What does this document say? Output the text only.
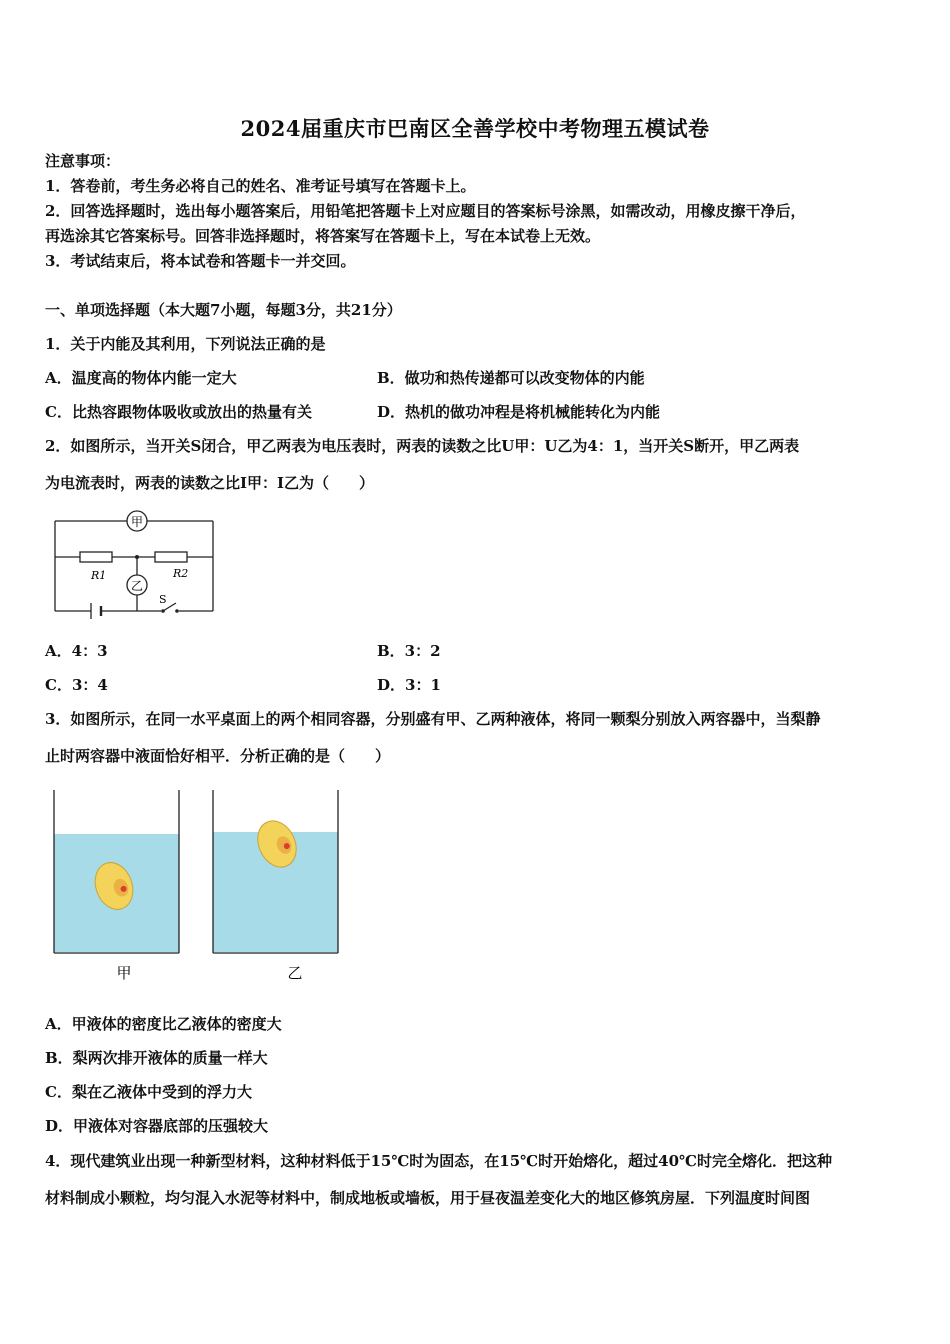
2024届重庆市巴南区全善学校中考物理五模试卷
注意事项：
1．答卷前，考生务必将自己的姓名、准考证号填写在答题卡上。
2．回答选择题时，选出每小题答案后，用铅笔把答题卡上对应题目的答案标号涂黑，如需改动，用橡皮擦干净后，
再选涂其它答案标号。回答非选择题时，将答案写在答题卡上，写在本试卷上无效。
3．考试结束后，将本试卷和答题卡一并交回。
一、单项选择题（本大题7小题，每题3分，共21分）
1．关于内能及其利用，下列说法正确的是
A．温度高的物体内能一定大	B．做功和热传递都可以改变物体的内能
C．比热容跟物体吸收或放出的热量有关	D．热机的做功冲程是将机械能转化为内能
2．如图所示，当开关S闭合，甲乙两表为电压表时，两表的读数之比U甲：U乙为4：1，当开关S断开，甲乙两表
为电流表时，两表的读数之比I甲：I乙为（　　）
甲
R1	R2
乙
S
A．4：3	B．3：2
C．3：4	D．3：1
3．如图所示，在同一水平桌面上的两个相同容器，分别盛有甲、乙两种液体，将同一颗梨分别放入两容器中，当梨静
止时两容器中液面恰好相平．分析正确的是（　　）
甲	乙
A．甲液体的密度比乙液体的密度大
B．梨两次排开液体的质量一样大
C．梨在乙液体中受到的浮力大
D．甲液体对容器底部的压强较大
4．现代建筑业出现一种新型材料，这种材料低于15℃时为固态，在15℃时开始熔化，超过40℃时完全熔化．把这种
材料制成小颗粒，均匀混入水泥等材料中，制成地板或墙板，用于昼夜温差变化大的地区修筑房屋．下列温度时间图
